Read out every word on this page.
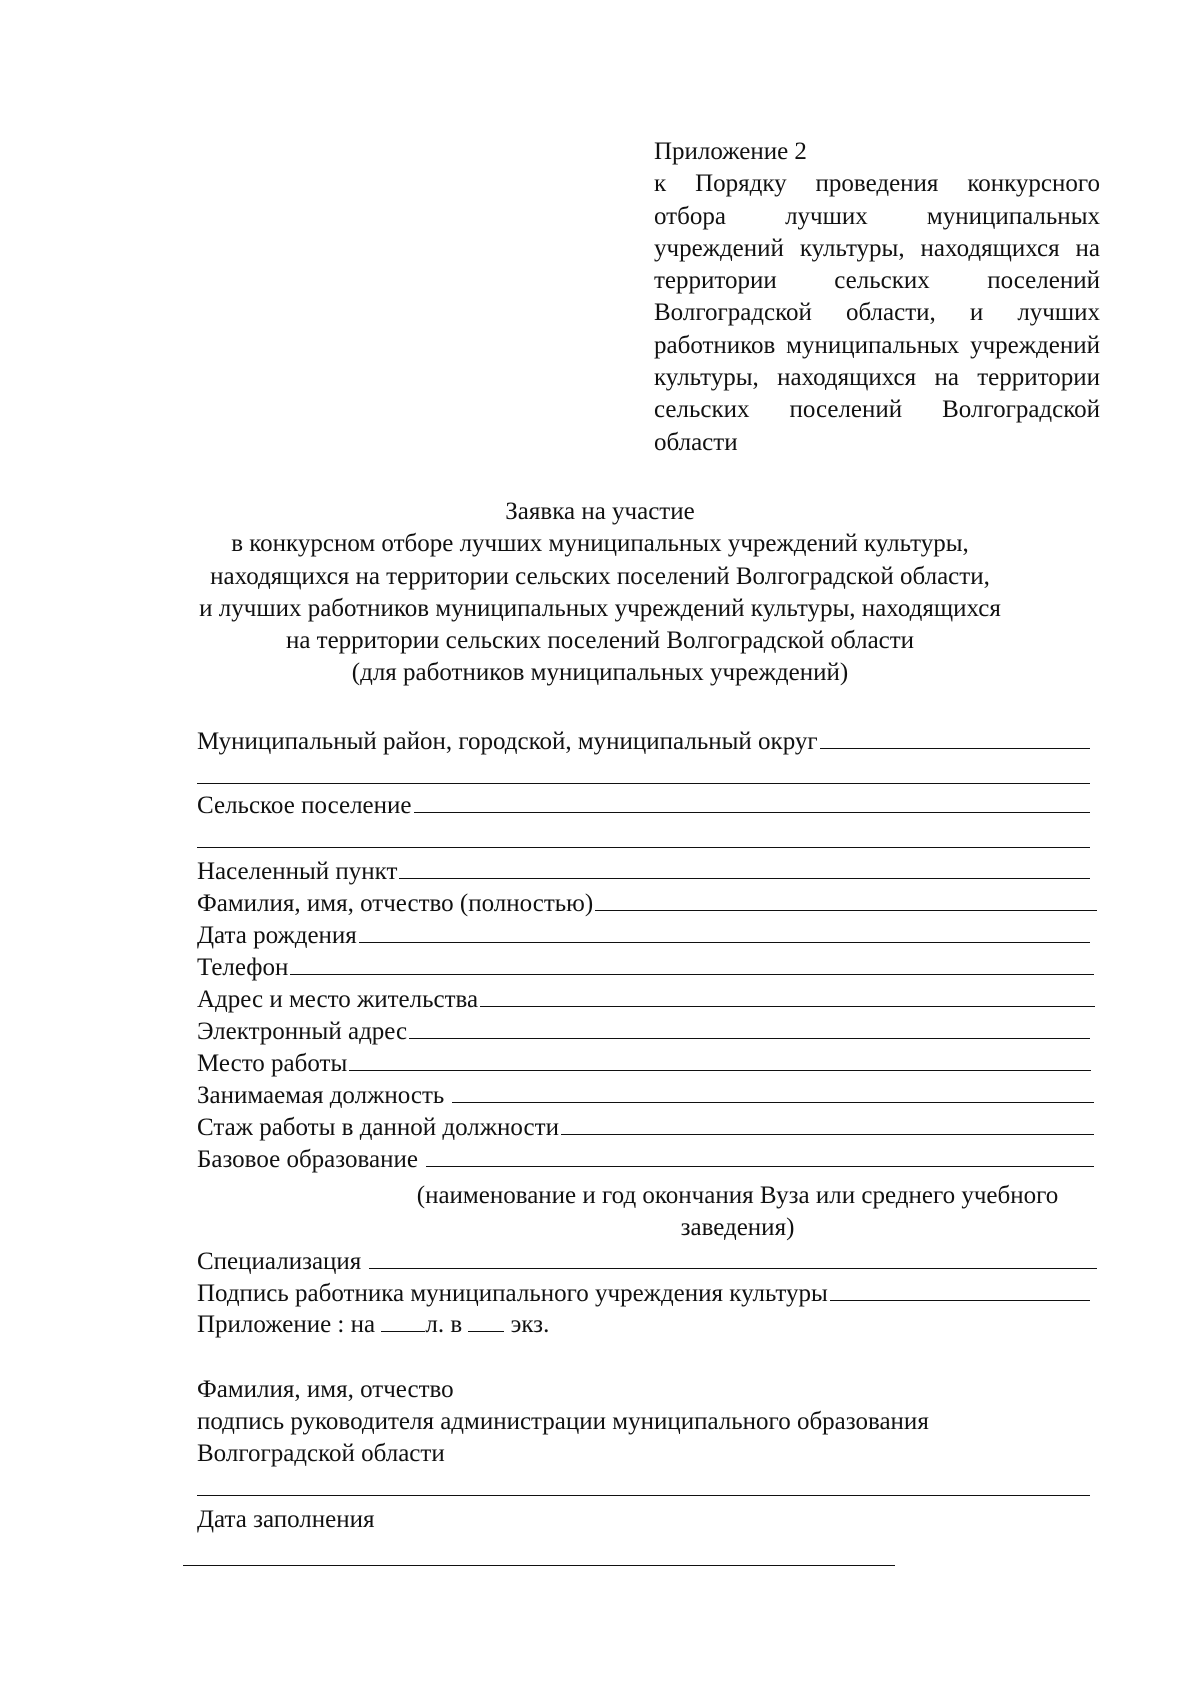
Приложение 2
к Порядку проведения конкурсного отбора лучших муниципальных учреждений культуры, находящихся на территории сельских поселений Волгоградской области, и лучших работников муниципальных учреждений культуры, находящихся на территории сельских поселений Волгоградской области
Заявка на участие
в конкурсном отборе лучших муниципальных учреждений культуры,
находящихся на территории сельских поселений Волгоградской области,
и лучших работников муниципальных учреждений культуры, находящихся
на территории сельских поселений Волгоградской области
(для работников муниципальных учреждений)
Муниципальный район, городской, муниципальный округ
Сельское поселение
Населенный пункт
Фамилия, имя, отчество (полностью)
Дата рождения
Телефон
Адрес и место жительства
Электронный адрес
Место работы
Занимаемая должность
Стаж работы в данной должности
Базовое образование
(наименование и год окончания Вуза или среднего учебного
заведения)
Специализация
Подпись работника муниципального учреждения культуры
Приложение : на л. в экз.
Фамилия, имя, отчество
подпись руководителя администрации муниципального образования
Волгоградской области
Дата заполнения
